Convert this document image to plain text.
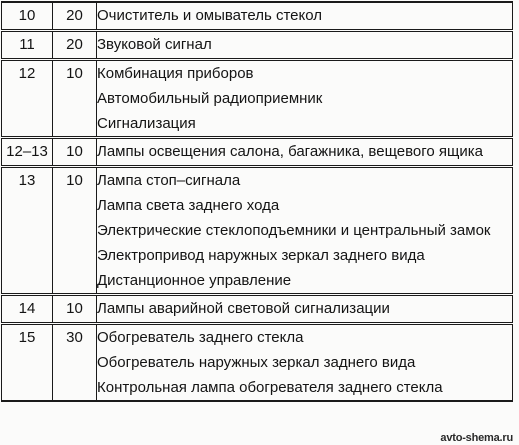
10	20	Очиститель и омыватель стекол

11	20	Звуковой сигнал

12	10	Комбинация приборов
Автомобильный радиоприемник
Сигнализация

12–13	10	Лампы освещения салона, багажника, вещевого ящика

13	10	Лампа стоп–сигнала
Лампа света заднего хода
Электрические стеклоподъемники и центральный замок
Электропривод наружных зеркал заднего вида
Дистанционное управление

14	10	Лампы аварийной световой сигнализации

15	30	Обогреватель заднего стекла
Обогреватель наружных зеркал заднего вида
Контрольная лампа обогревателя заднего стекла
avto-shema.ru
